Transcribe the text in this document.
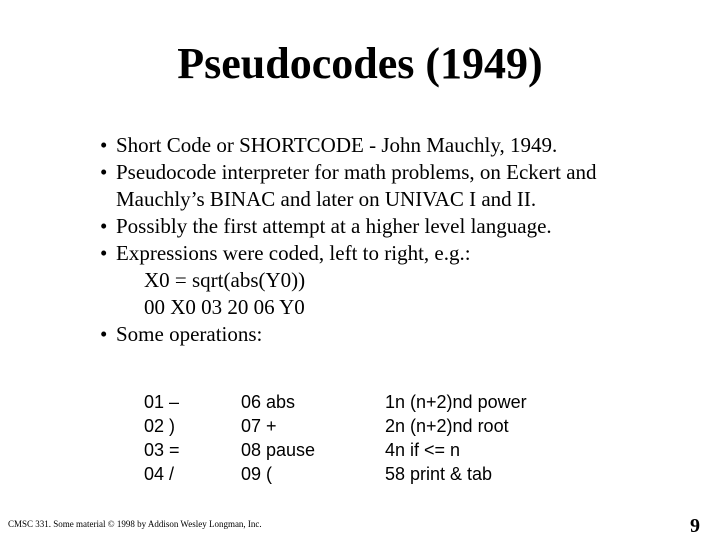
Pseudocodes (1949)
• Short Code or SHORTCODE - John Mauchly, 1949.
• Pseudocode interpreter for math problems, on Eckert and Mauchly’s BINAC and later on UNIVAC I and II.
• Possibly the first attempt at a higher level language.
• Expressions were coded, left to right, e.g.:
X0 = sqrt(abs(Y0))
00 X0 03 20 06 Y0
• Some operations:
01 –
02 )
03 =
04 /
06 abs
07 +
08 pause
09 (
1n (n+2)nd power
2n (n+2)nd root
4n if <= n
58 print & tab
CMSC 331. Some material © 1998 by Addison Wesley Longman, Inc.	9
